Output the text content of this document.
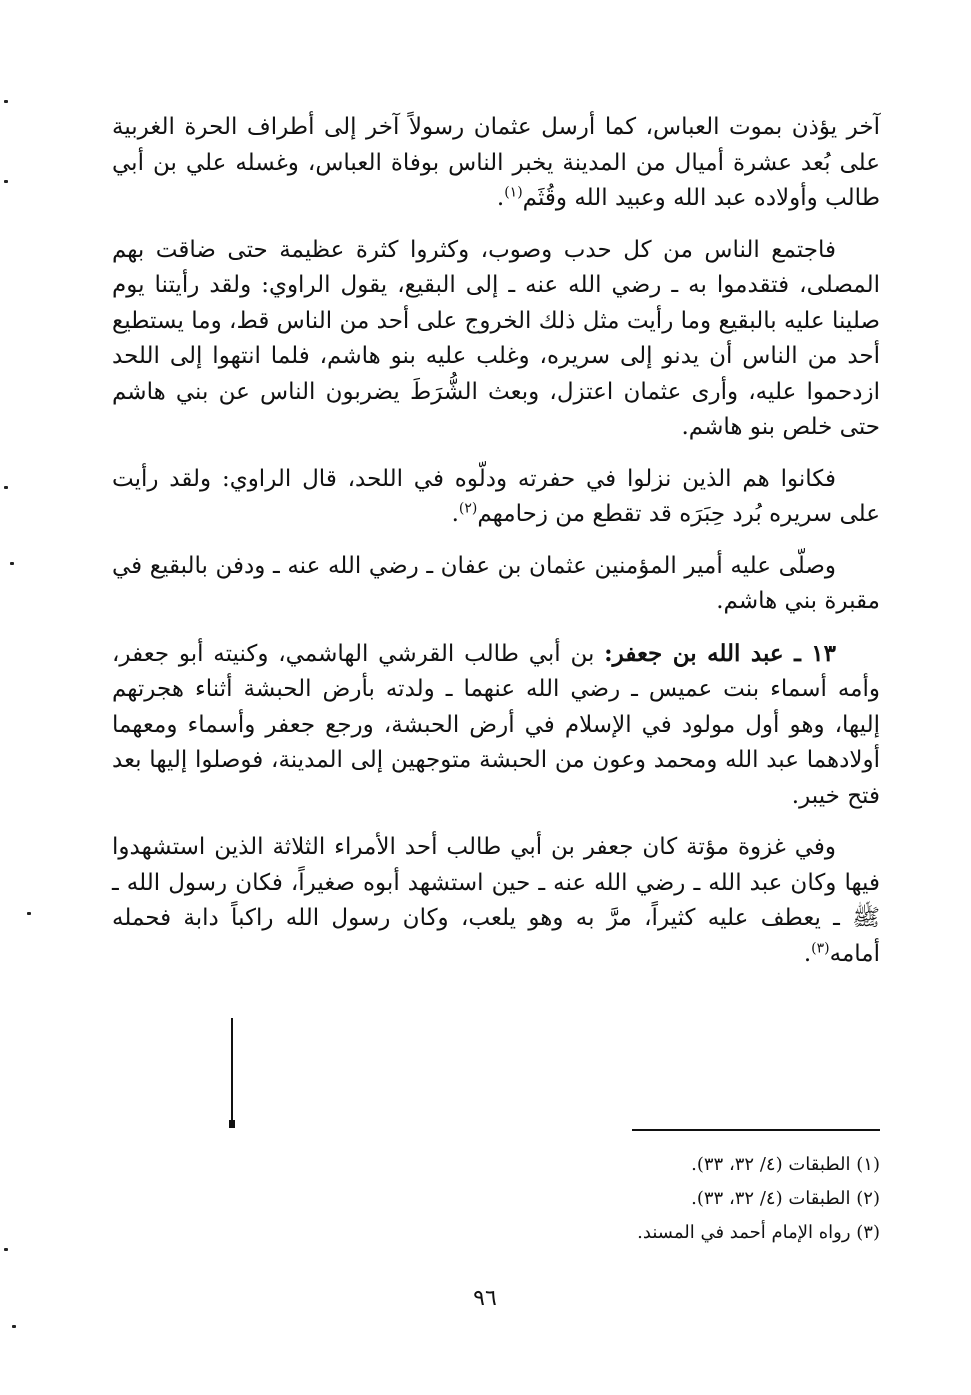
آخر يؤذن بموت العباس، كما أرسل عثمان رسولاً آخر إلى أطراف الحرة الغربية على بُعد عشرة أميال من المدينة يخبر الناس بوفاة العباس، وغسله علي بن أبي طالب وأولاده عبد الله وعبيد الله وقُثَم$^{(١)}$.

فاجتمع الناس من كل حدب وصوب، وكثروا كثرة عظيمة حتى ضاقت بهم المصلى، فتقدموا به ـ رضي الله عنه ـ إلى البقيع، يقول الراوي: ولقد رأيتنا يوم صلينا عليه بالبقيع وما رأيت مثل ذلك الخروج على أحد من الناس قط، وما يستطيع أحد من الناس أن يدنو إلى سريره، وغلب عليه بنو هاشم، فلما انتهوا إلى اللحد ازدحموا عليه، وأرى عثمان اعتزل، وبعث الشُّرَطَ يضربون الناس عن بني هاشم حتى خلص بنو هاشم.

فكانوا هم الذين نزلوا في حفرته ودلّوه في اللحد، قال الراوي: ولقد رأيت على سريره بُرد حِبَرَه قد تقطع من زحامهم$^{(٢)}$.

وصلّى عليه أمير المؤمنين عثمان بن عفان ـ رضي الله عنه ـ ودفن بالبقيع في مقبرة بني هاشم.

١٣ ـ عبد الله بن جعفر: بن أبي طالب القرشي الهاشمي، وكنيته أبو جعفر، وأمه أسماء بنت عميس ـ رضي الله عنهما ـ ولدته بأرض الحبشة أثناء هجرتهم إليها، وهو أول مولود في الإسلام في أرض الحبشة، ورجع جعفر وأسماء ومعهما أولادهما عبد الله ومحمد وعون من الحبشة متوجهين إلى المدينة، فوصلوا إليها بعد فتح خيبر.

وفي غزوة مؤتة كان جعفر بن أبي طالب أحد الأمراء الثلاثة الذين استشهدوا فيها وكان عبد الله ـ رضي الله عنه ـ حين استشهد أبوه صغيراً، فكان رسول الله ـ ﷺ ـ يعطف عليه كثيراً، مرَّ به وهو يلعب، وكان رسول الله راكباً دابة فحمله أمامه$^{(٣)}$.

(١) الطبقات (٤/ ٣٢، ٣٣).

(٢) الطبقات (٤/ ٣٢، ٣٣).

(٣) رواه الإمام أحمد في المسند.

٩٦
